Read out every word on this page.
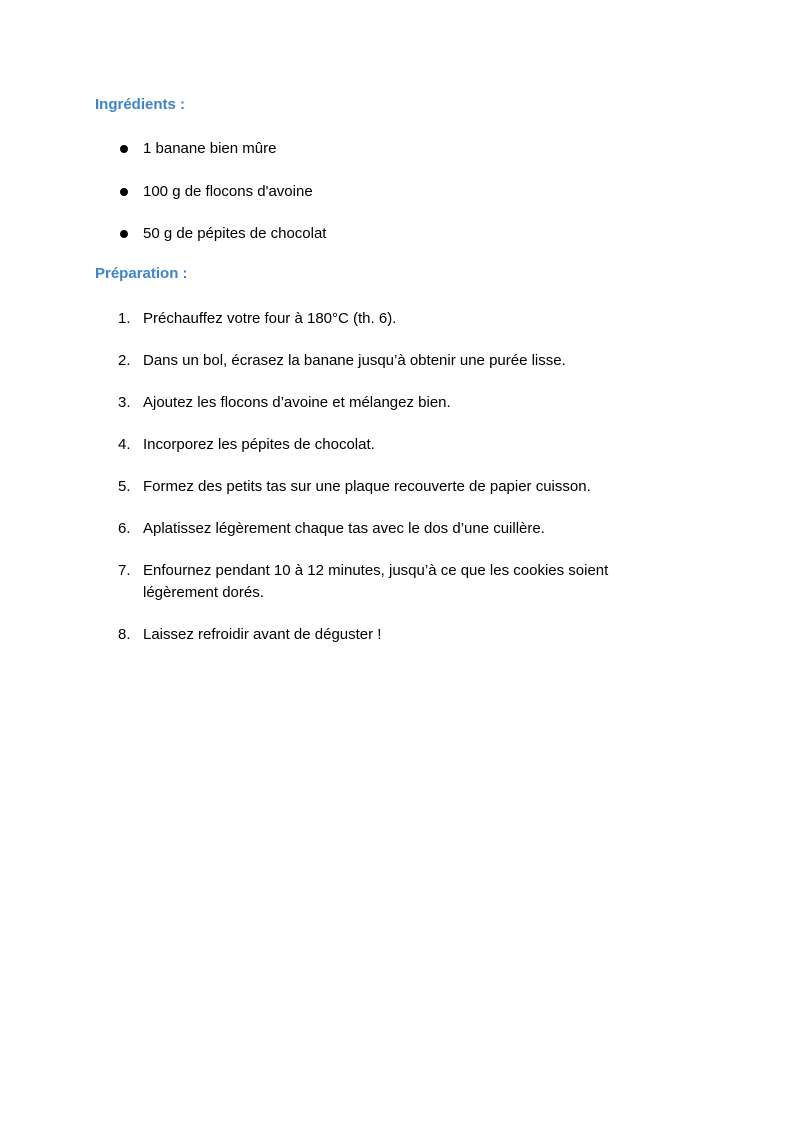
Ingrédients :
1 banane bien mûre
100 g de flocons d'avoine
50 g de pépites de chocolat
Préparation :
1. Préchauffez votre four à 180°C (th. 6).
2. Dans un bol, écrasez la banane jusqu’à obtenir une purée lisse.
3. Ajoutez les flocons d’avoine et mélangez bien.
4. Incorporez les pépites de chocolat.
5. Formez des petits tas sur une plaque recouverte de papier cuisson.
6. Aplatissez légèrement chaque tas avec le dos d’une cuillère.
7. Enfournez pendant 10 à 12 minutes, jusqu’à ce que les cookies soient légèrement dorés.
8. Laissez refroidir avant de déguster !
